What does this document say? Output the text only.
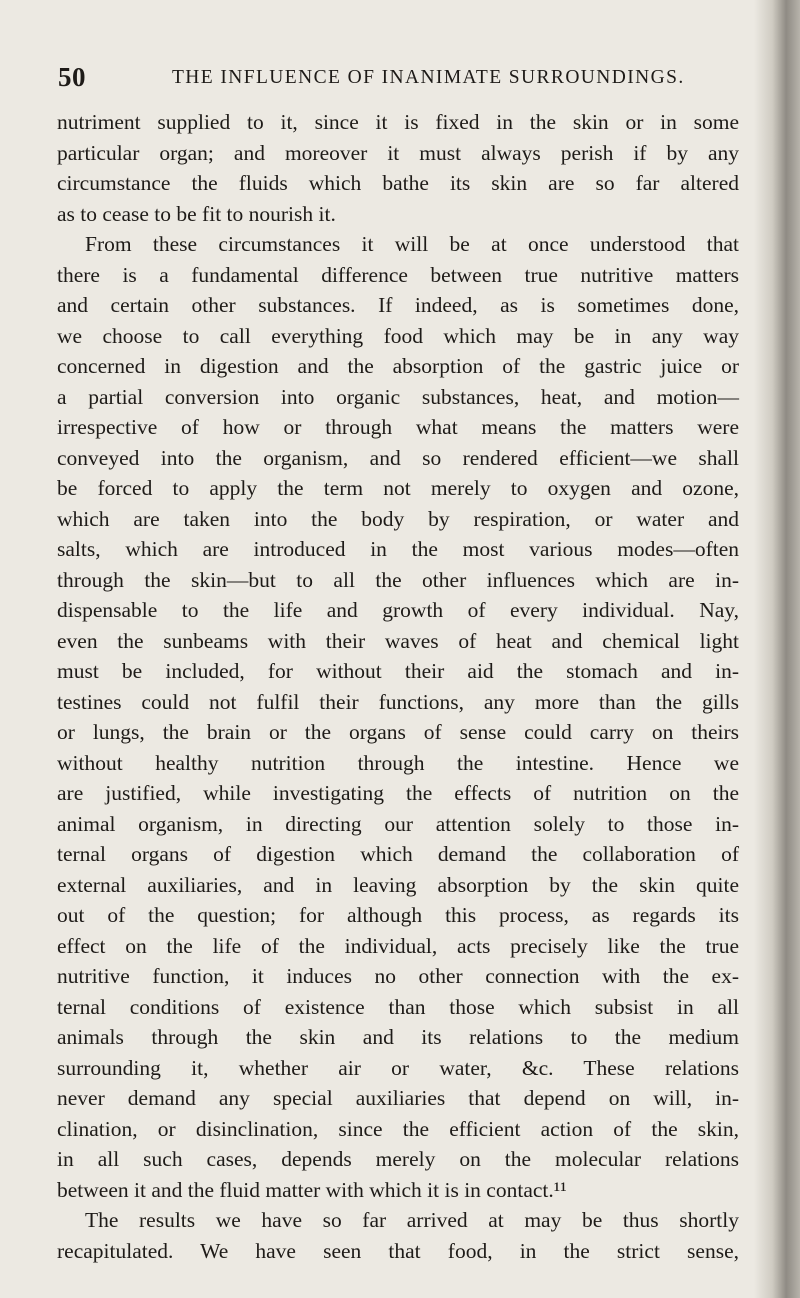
50	THE INFLUENCE OF INANIMATE SURROUNDINGS.
nutriment supplied to it, since it is fixed in the skin or in some
particular organ; and moreover it must always perish if by any
circumstance the fluids which bathe its skin are so far altered
as to cease to be fit to nourish it.
From these circumstances it will be at once understood that
there is a fundamental difference between true nutritive matters
and certain other substances. If indeed, as is sometimes done,
we choose to call everything food which may be in any way
concerned in digestion and the absorption of the gastric juice or
a partial conversion into organic substances, heat, and motion—
irrespective of how or through what means the matters were
conveyed into the organism, and so rendered efficient—we shall
be forced to apply the term not merely to oxygen and ozone,
which are taken into the body by respiration, or water and
salts, which are introduced in the most various modes—often
through the skin—but to all the other influences which are in-
dispensable to the life and growth of every individual. Nay,
even the sunbeams with their waves of heat and chemical light
must be included, for without their aid the stomach and in-
testines could not fulfil their functions, any more than the gills
or lungs, the brain or the organs of sense could carry on theirs
without healthy nutrition through the intestine. Hence we
are justified, while investigating the effects of nutrition on the
animal organism, in directing our attention solely to those in-
ternal organs of digestion which demand the collaboration of
external auxiliaries, and in leaving absorption by the skin quite
out of the question; for although this process, as regards its
effect on the life of the individual, acts precisely like the true
nutritive function, it induces no other connection with the ex-
ternal conditions of existence than those which subsist in all
animals through the skin and its relations to the medium
surrounding it, whether air or water, &c. These relations
never demand any special auxiliaries that depend on will, in-
clination, or disinclination, since the efficient action of the skin,
in all such cases, depends merely on the molecular relations
between it and the fluid matter with which it is in contact.¹¹
The results we have so far arrived at may be thus shortly
recapitulated. We have seen that food, in the strict sense,
